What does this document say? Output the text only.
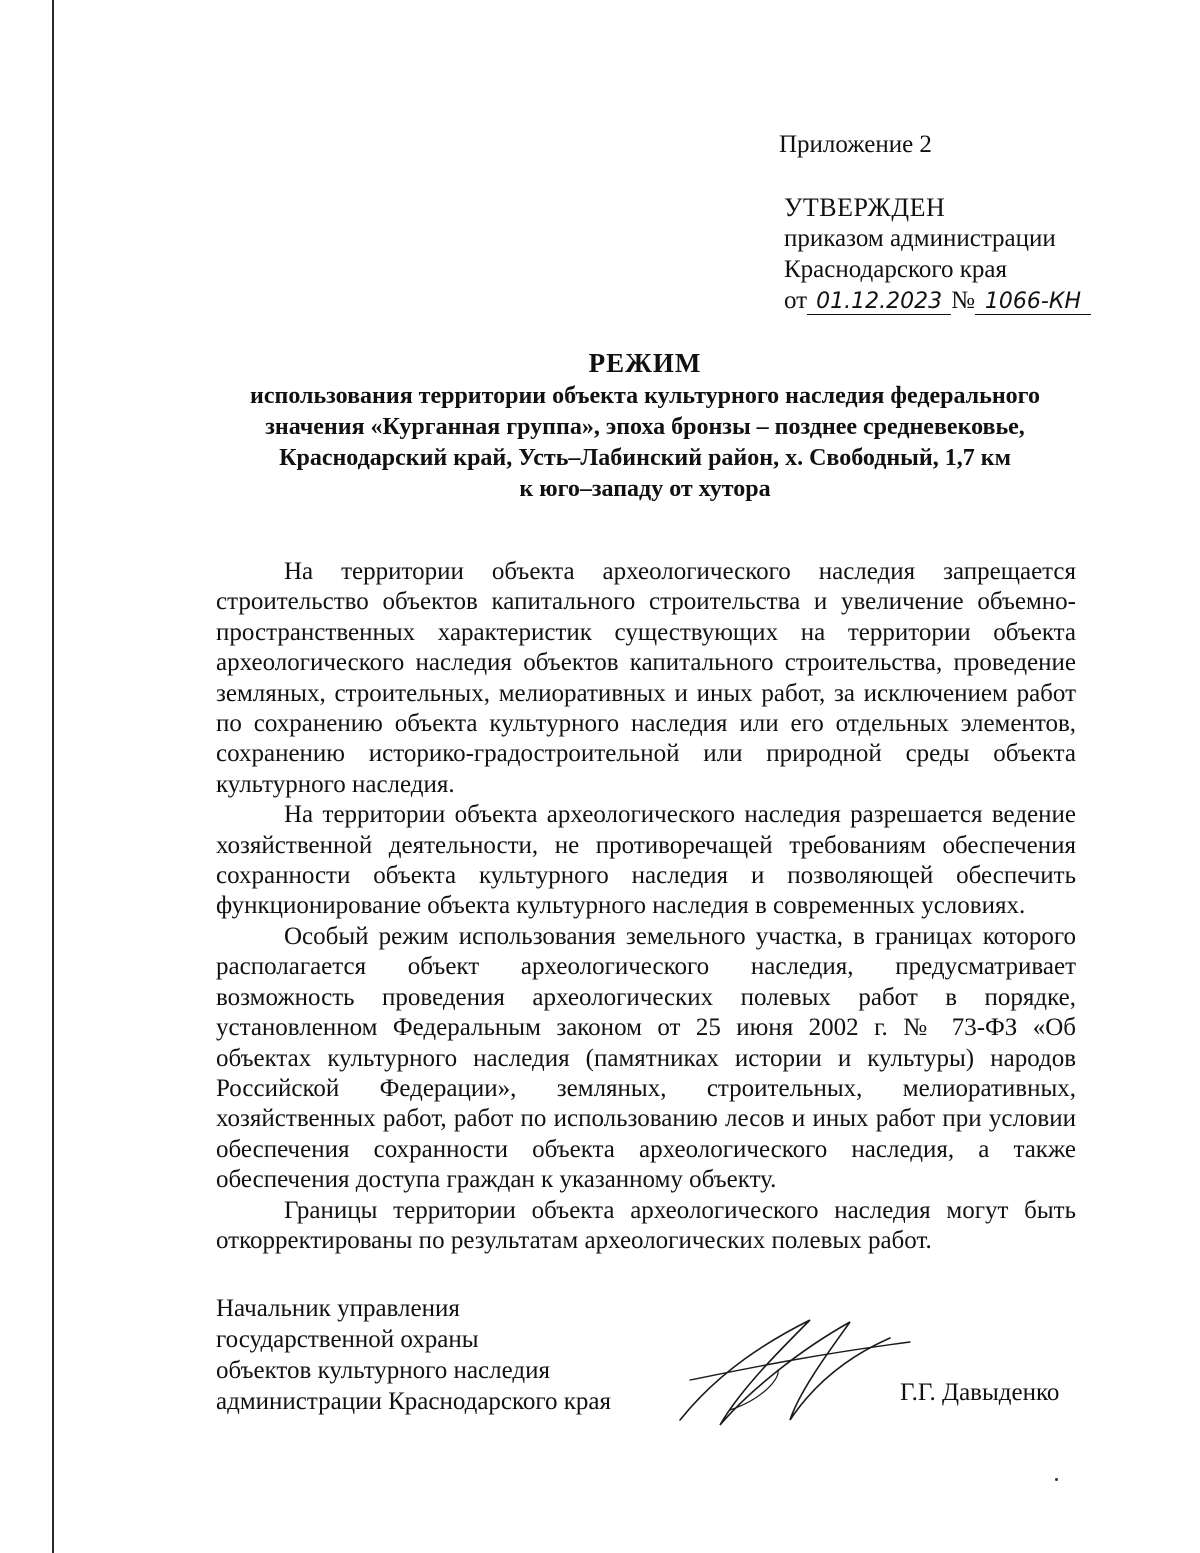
Приложение 2
УТВЕРЖДЕН
приказом администрации
Краснодарского края
от 01.12.2023 № 1066-КН
РЕЖИМ
использования территории объекта культурного наследия федерального
значения «Курганная группа», эпоха бронзы – позднее средневековье,
Краснодарский край, Усть–Лабинский район, х. Свободный, 1,7 км
к юго–западу от хутора

На территории объекта археологического наследия запрещается строительство объектов капитального строительства и увеличение объемно-пространственных характеристик существующих на территории объекта археологического наследия объектов капитального строительства, проведение земляных, строительных, мелиоративных и иных работ, за исключением работ по сохранению объекта культурного наследия или его отдельных элементов, сохранению историко-градостроительной или природной среды объекта культурного наследия.

На территории объекта археологического наследия разрешается ведение хозяйственной деятельности, не противоречащей требованиям обеспечения сохранности объекта культурного наследия и позволяющей обеспечить функционирование объекта культурного наследия в современных условиях.

Особый режим использования земельного участка, в границах которого располагается объект археологического наследия, предусматривает возможность проведения археологических полевых работ в порядке, установленном Федеральным законом от 25 июня 2002 г. № 73-ФЗ «Об объектах культурного наследия (памятниках истории и культуры) народов Российской Федерации», земляных, строительных, мелиоративных, хозяйственных работ, работ по использованию лесов и иных работ при условии обеспечения сохранности объекта археологического наследия, а также обеспечения доступа граждан к указанному объекту.

Границы территории объекта археологического наследия могут быть откорректированы по результатам археологических полевых работ.

Начальник управления
государственной охраны
объектов культурного наследия
администрации Краснодарского края	Г.Г. Давыденко
